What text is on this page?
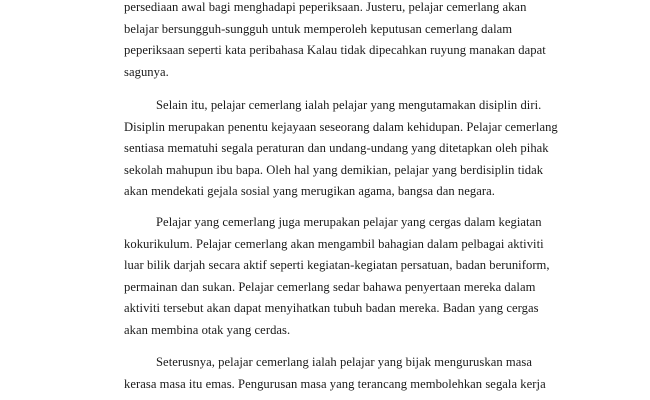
persediaan awal bagi menghadapi peperiksaan. Justeru, pelajar cemerlang akan
belajar bersungguh-sungguh untuk memperoleh keputusan cemerlang dalam
peperiksaan seperti kata peribahasa Kalau tidak dipecahkan ruyung manakan dapat
sagunya.

Selain itu, pelajar cemerlang ialah pelajar yang mengutamakan disiplin diri.
Disiplin merupakan penentu kejayaan seseorang dalam kehidupan. Pelajar cemerlang
sentiasa mematuhi segala peraturan dan undang-undang yang ditetapkan oleh pihak
sekolah mahupun ibu bapa. Oleh hal yang demikian, pelajar yang berdisiplin tidak
akan mendekati gejala sosial yang merugikan agama, bangsa dan negara.

Pelajar yang cemerlang juga merupakan pelajar yang cergas dalam kegiatan
kokurikulum. Pelajar cemerlang akan mengambil bahagian dalam pelbagai aktiviti
luar bilik darjah secara aktif seperti kegiatan-kegiatan persatuan, badan beruniform,
permainan dan sukan. Pelajar cemerlang sedar bahawa penyertaan mereka dalam
aktiviti tersebut akan dapat menyihatkan tubuh badan mereka. Badan yang cergas
akan membina otak yang cerdas.

Seterusnya, pelajar cemerlang ialah pelajar yang bijak menguruskan masa
kerasa masa itu emas. Pengurusan masa yang terancang membolehkan segala kerja
